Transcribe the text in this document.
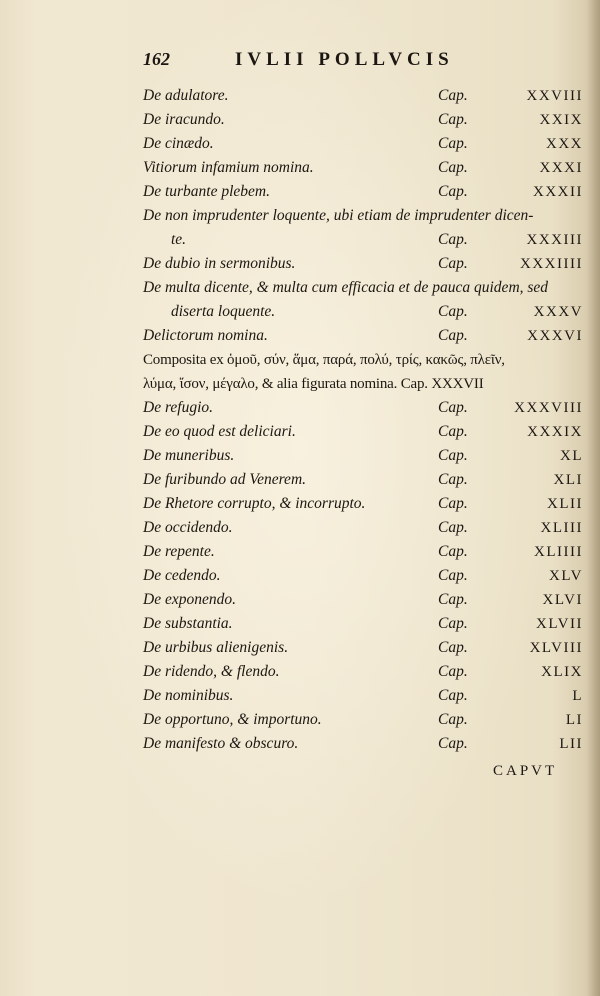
162	IVLII POLLVCIS
De adulatore.	Cap.	XXVIII
De iracundo.	Cap.	XXIX
De cinædo.	Cap.	XXX
Vitiorum infamium nomina.	Cap.	XXXI
De turbante plebem.	Cap.	XXXII
De non imprudenter loquente, ubi etiam de imprudenter dicen-
te.	Cap.	XXXIII
De dubio in sermonibus.	Cap.	XXXIIII
De multa dicente, & multa cum efficacia et de pauca quidem, sed
diserta loquente.	Cap.	XXXV
Delictorum nomina.	Cap.	XXXVI
Composita ex ὁμοῦ, σύν, ἅμα, παρά, πολύ, τρίς, κακῶς, πλεῖν,
λύμα, ἴσον, μέγαλο, & alia figurata nomina. Cap. XXXVII
De refugio.	Cap.	XXXVIII
De eo quod est deliciari.	Cap.	XXXIX
De muneribus.	Cap.	XL
De furibundo ad Venerem.	Cap.	XLI
De Rhetore corrupto, & incorrupto.	Cap.	XLII
De occidendo.	Cap.	XLIII
De repente.	Cap.	XLIIII
De cedendo.	Cap.	XLV
De exponendo.	Cap.	XLVI
De substantia.	Cap.	XLVII
De urbibus alienigenis.	Cap.	XLVIII
De ridendo, & flendo.	Cap.	XLIX
De nominibus.	Cap.	L
De opportuno, & importuno.	Cap.	LI
De manifesto & obscuro.	Cap.	LII
CAPVT
